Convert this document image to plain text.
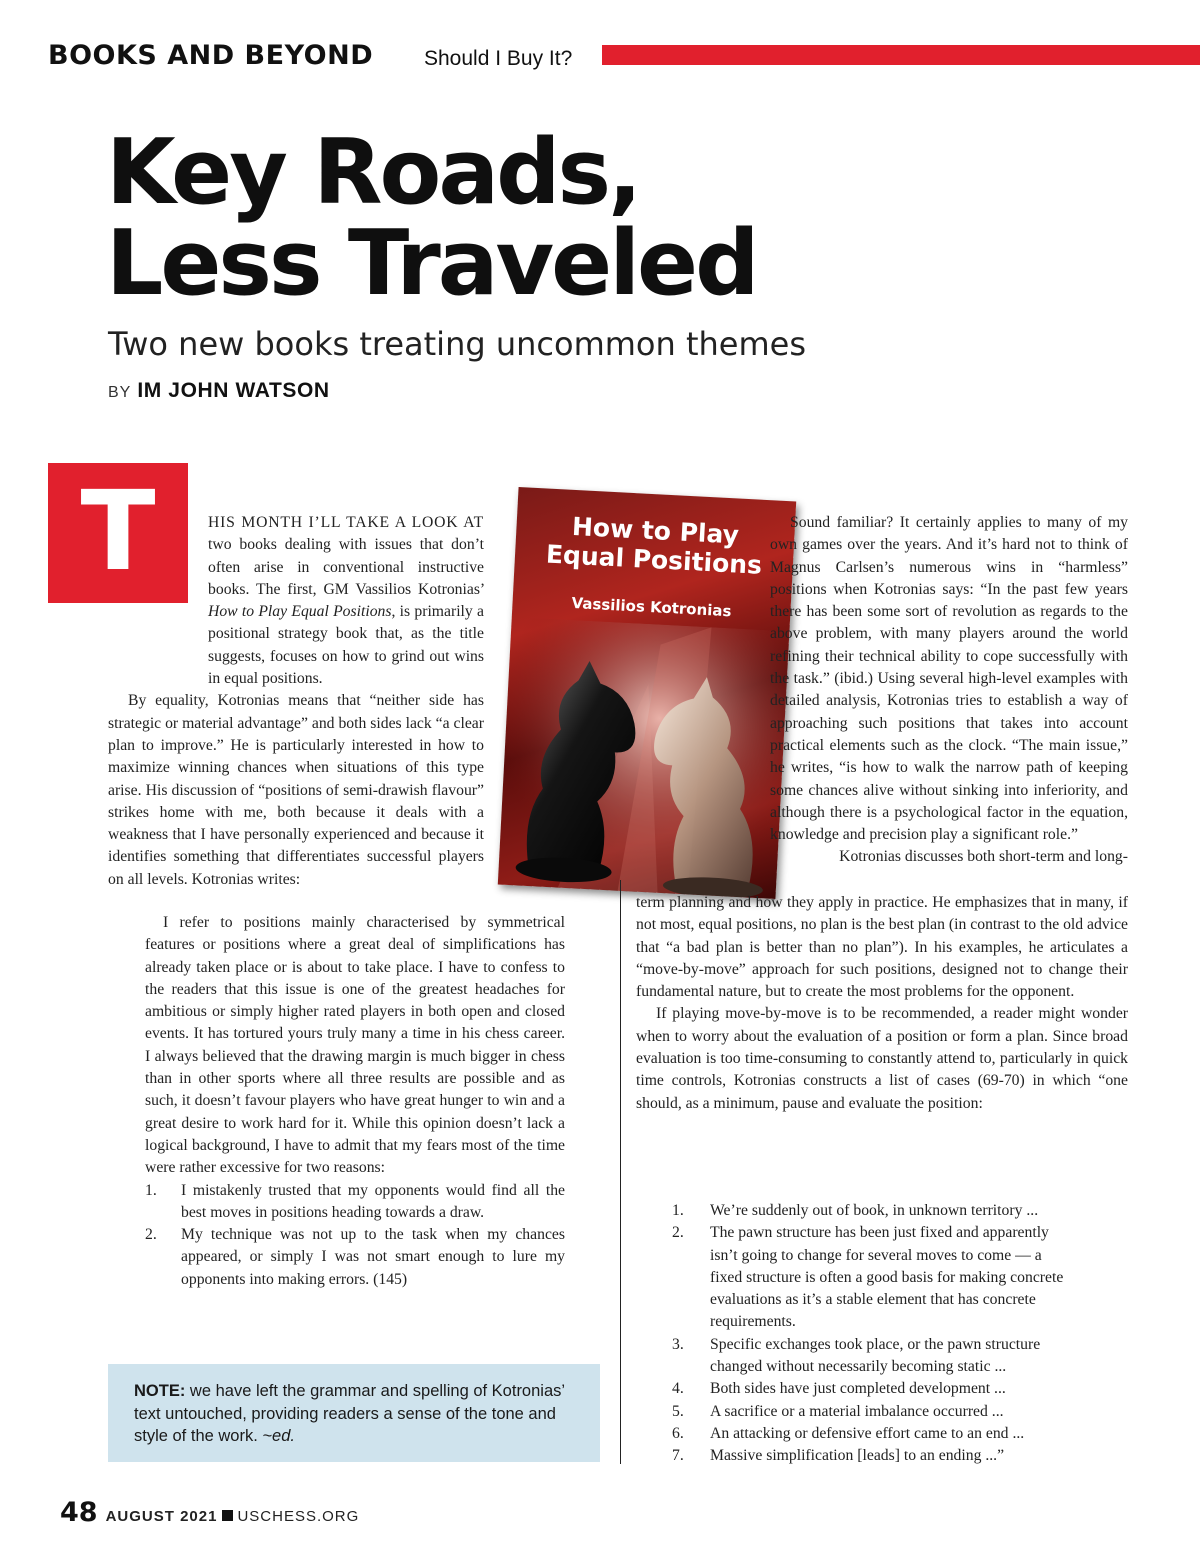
BOOKS AND BEYOND Should I Buy It?
Key Roads,
Less Traveled
Two new books treating uncommon themes
BY IM JOHN WATSON
T	HIS MONTH I’LL TAKE A LOOK AT two books dealing with issues that don’t often arise in conventional instructive books. The first, GM Vassilios Kotronias’ How to Play Equal Positions, is primarily a positional strategy book that, as the title suggests, focuses on how to grind out wins in equal positions.

By equality, Kotronias means that “neither side has strategic or material advantage” and both sides lack “a clear plan to improve.” He is particularly interested in how to maximize winning chances when situations of this type arise. His discussion of “positions of semi-drawish flavour” strikes home with me, both because it deals with a weakness that I have personally experienced and because it identifies something that differentiates successful players on all levels. Kotronias writes:

How to Play
Equal Positions
Vassilios Kotronias

I refer to positions mainly characterised by symmetrical features or positions where a great deal of simplifications has already taken place or is about to take place. I have to confess to the readers that this issue is one of the greatest headaches for ambitious or simply higher rated players in both open and closed events. It has tortured yours truly many a time in his chess career. I always believed that the drawing margin is much bigger in chess than in other sports where all three results are possible and as such, it doesn’t favour players who have great hunger to win and a great desire to work hard for it. While this opinion doesn’t lack a logical background, I have to admit that my fears most of the time were rather excessive for two reasons:

1. I mistakenly trusted that my opponents would find all the best moves in positions heading towards a draw.
2. My technique was not up to the task when my chances appeared, or simply I was not smart enough to lure my opponents into making errors. (145)
NOTE: we have left the grammar and spelling of Kotronias’ text untouched, providing readers a sense of the tone and style of the work. ~ed.

Sound familiar? It certainly applies to many of my own games over the years. And it’s hard not to think of Magnus Carlsen’s numerous wins in “harmless” positions when Kotronias says: “In the past few years there has been some sort of revolution as regards to the above problem, with many players around the world refining their technical ability to cope successfully with the task.” (ibid.) Using several high-level examples with detailed analysis, Kotronias tries to establish a way of approaching such positions that takes into account practical elements such as the clock. “The main issue,” he writes, “is how to walk the narrow path of keeping some chances alive without sinking into inferiority, and although there is a psychological factor in the equation, knowledge and precision play a significant role.”

Kotronias discusses both short-term and long-

term planning and how they apply in practice. He emphasizes that in many, if not most, equal positions, no plan is the best plan (in contrast to the old advice that “a bad plan is better than no plan”). In his examples, he articulates a “move-by-move” approach for such positions, designed not to change their fundamental nature, but to create the most problems for the opponent.

If playing move-by-move is to be recommended, a reader might wonder when to worry about the evaluation of a position or form a plan. Since broad evaluation is too time-consuming to constantly attend to, particularly in quick time controls, Kotronias constructs a list of cases (69-70) in which “one should, as a minimum, pause and evaluate the position:

1. We’re suddenly out of book, in unknown territory ...
2. The pawn structure has been just fixed and apparently isn’t going to change for several moves to come — a fixed structure is often a good basis for making concrete evaluations as it’s a stable element that has concrete requirements.
3. Specific exchanges took place, or the pawn structure changed without necessarily becoming static ...
4. Both sides have just completed development ...
5. A sacrifice or a material imbalance occurred ...
6. An attacking or defensive effort came to an end ...
7. Massive simplification [leads] to an ending ...”
48 AUGUST 2021 USCHESS.ORG
